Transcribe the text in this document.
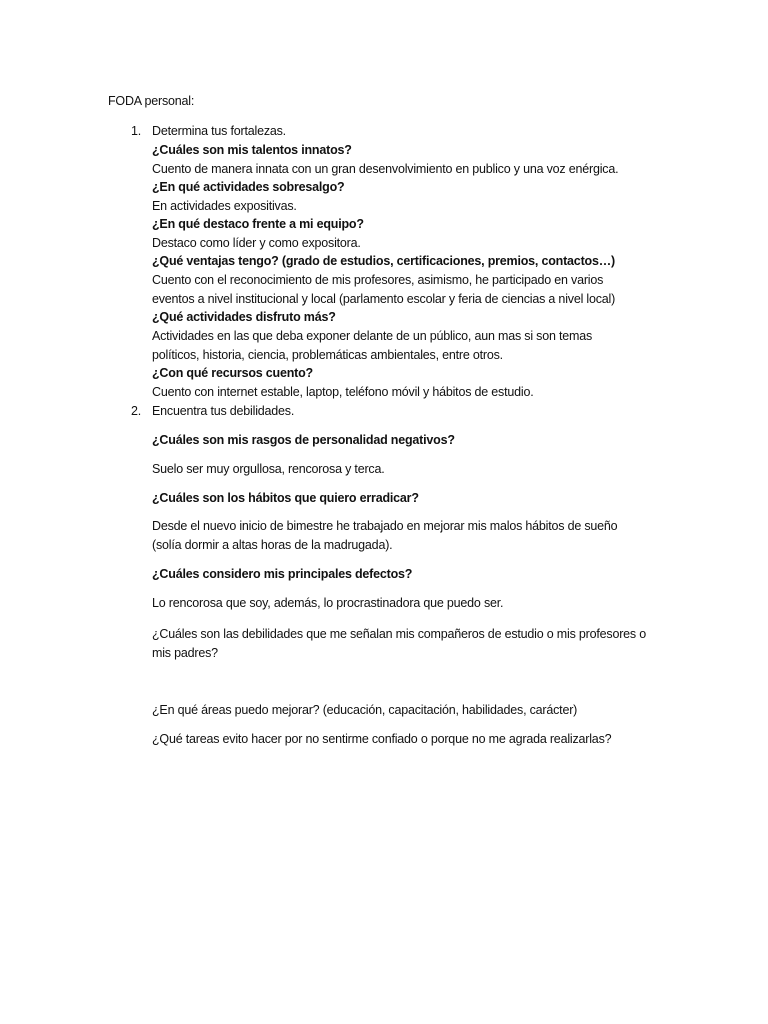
FODA personal:
1. Determina tus fortalezas.
¿Cuáles son mis talentos innatos?
Cuento de manera innata con un gran desenvolvimiento en publico y una voz enérgica.
¿En qué actividades sobresalgo?
En actividades expositivas.
¿En qué destaco frente a mi equipo?
Destaco como líder y como expositora.
¿Qué ventajas tengo? (grado de estudios, certificaciones, premios, contactos…)
Cuento con el reconocimiento de mis profesores, asimismo, he participado en varios
eventos a nivel institucional y local (parlamento escolar y feria de ciencias a nivel local)
¿Qué actividades disfruto más?
Actividades en las que deba exponer delante de un público, aun mas si son temas
políticos, historia, ciencia, problemáticas ambientales, entre otros.
¿Con qué recursos cuento?
Cuento con internet estable, laptop, teléfono móvil y hábitos de estudio.
2. Encuentra tus debilidades.
¿Cuáles son mis rasgos de personalidad negativos?
Suelo ser muy orgullosa, rencorosa y terca.
¿Cuáles son los hábitos que quiero erradicar?
Desde el nuevo inicio de bimestre he trabajado en mejorar mis malos hábitos de sueño
(solía dormir a altas horas de la madrugada).
¿Cuáles considero mis principales defectos?
Lo rencorosa que soy, además, lo procrastinadora que puedo ser.
¿Cuáles son las debilidades que me señalan mis compañeros de estudio o mis profesores o
mis padres?
¿En qué áreas puedo mejorar? (educación, capacitación, habilidades, carácter)
¿Qué tareas evito hacer por no sentirme confiado o porque no me agrada realizarlas?
